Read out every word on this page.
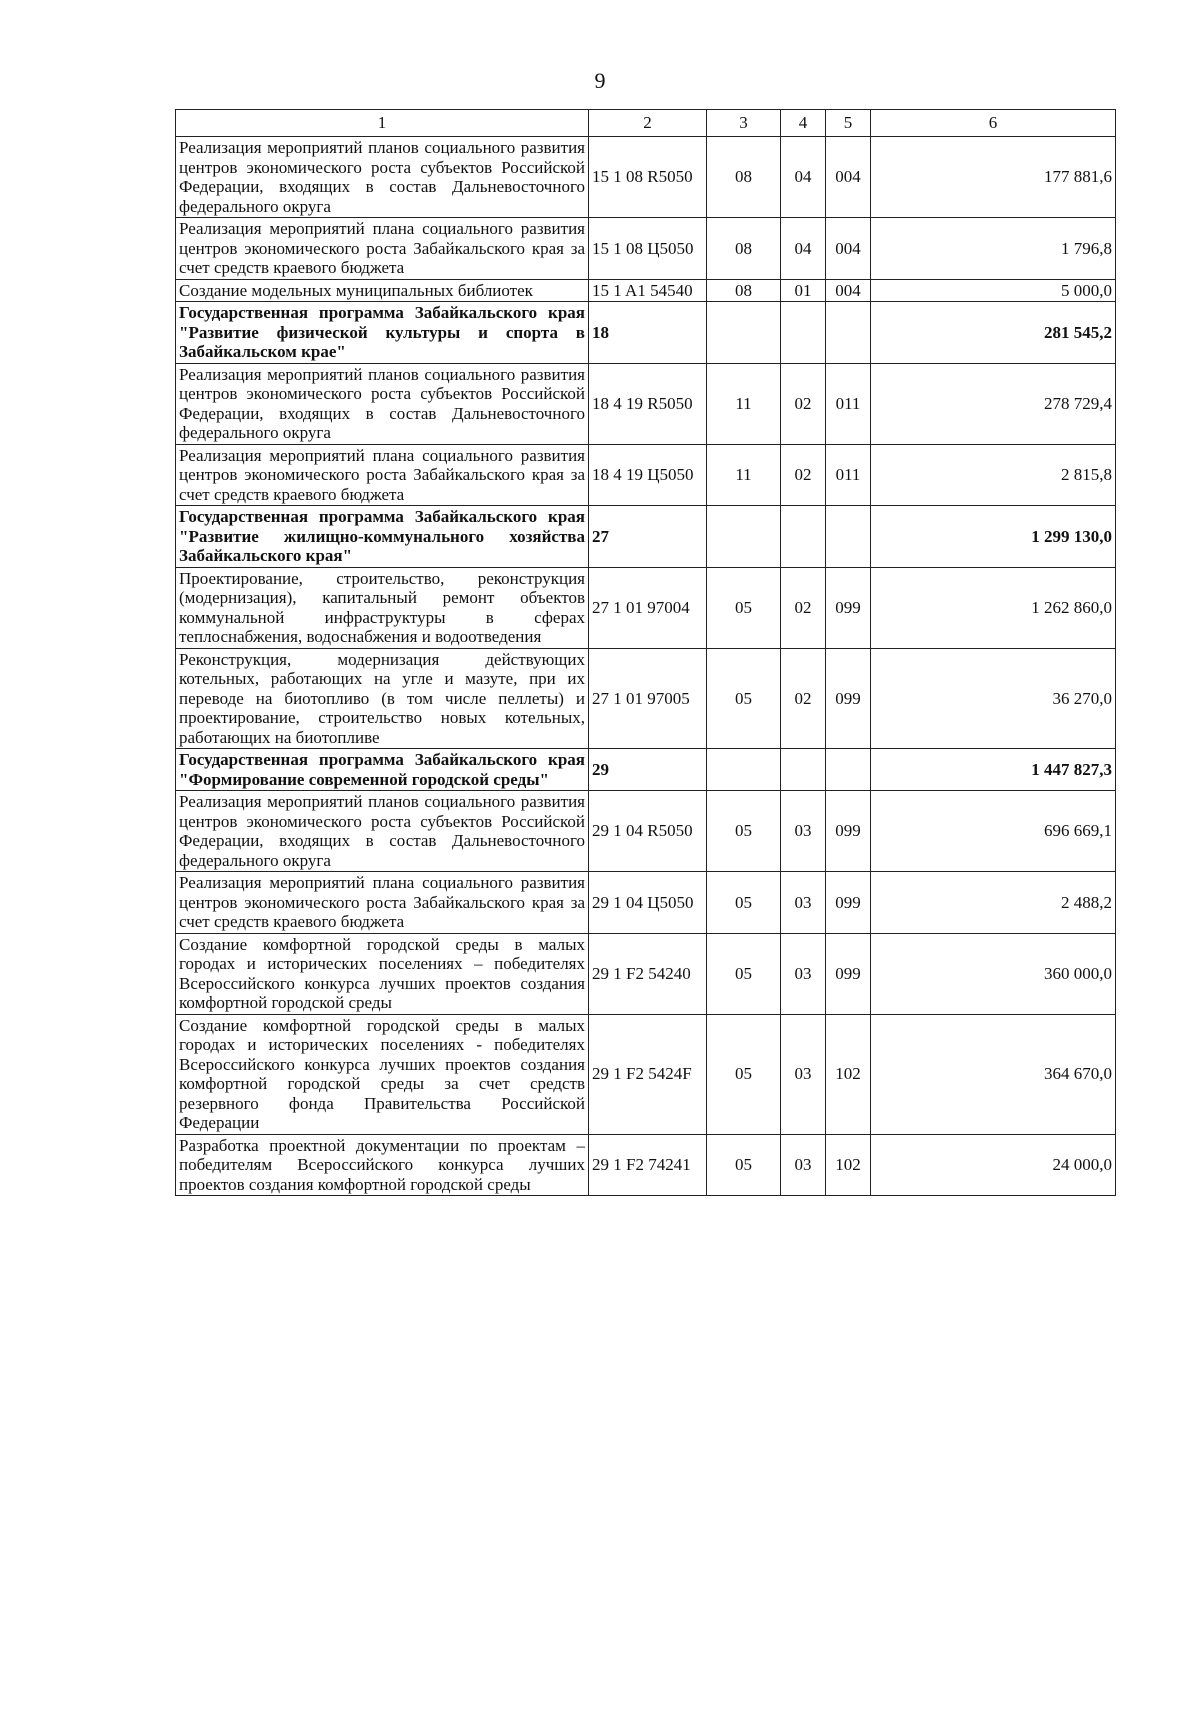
9
1	2	3	4	5	6
Реализация мероприятий планов социального развития центров экономического роста субъектов Российской Федерации, входящих в состав Дальневосточного федерального округа	15 1 08 R5050	08	04	004	177 881,6
Реализация мероприятий плана социального развития центров экономического роста Забайкальского края за счет средств краевого бюджета	15 1 08 Ц5050	08	04	004	1 796,8
Создание модельных муниципальных библиотек	15 1 A1 54540	08	01	004	5 000,0
Государственная программа Забайкальского края "Развитие физической культуры и спорта в Забайкальском крае"	18				281 545,2
Реализация мероприятий планов социального развития центров экономического роста субъектов Российской Федерации, входящих в состав Дальневосточного федерального округа	18 4 19 R5050	11	02	011	278 729,4
Реализация мероприятий плана социального развития центров экономического роста Забайкальского края за счет средств краевого бюджета	18 4 19 Ц5050	11	02	011	2 815,8
Государственная программа Забайкальского края "Развитие жилищно-коммунального хозяйства Забайкальского края"	27				1 299 130,0
Проектирование, строительство, реконструкция (модернизация), капитальный ремонт объектов коммунальной инфраструктуры в сферах теплоснабжения, водоснабжения и водоотведения	27 1 01 97004	05	02	099	1 262 860,0
Реконструкция, модернизация действующих котельных, работающих на угле и мазуте, при их переводе на биотопливо (в том числе пеллеты) и проектирование, строительство новых котельных, работающих на биотопливе	27 1 01 97005	05	02	099	36 270,0
Государственная программа Забайкальского края "Формирование современной городской среды"	29				1 447 827,3
Реализация мероприятий планов социального развития центров экономического роста субъектов Российской Федерации, входящих в состав Дальневосточного федерального округа	29 1 04 R5050	05	03	099	696 669,1
Реализация мероприятий плана социального развития центров экономического роста Забайкальского края за счет средств краевого бюджета	29 1 04 Ц5050	05	03	099	2 488,2
Создание комфортной городской среды в малых городах и исторических поселениях – победителях Всероссийского конкурса лучших проектов создания комфортной городской среды	29 1 F2 54240	05	03	099	360 000,0
Создание комфортной городской среды в малых городах и исторических поселениях - победителях Всероссийского конкурса лучших проектов создания комфортной городской среды за счет средств резервного фонда Правительства Российской Федерации	29 1 F2 5424F	05	03	102	364 670,0
Разработка проектной документации по проектам – победителям Всероссийского конкурса лучших проектов создания комфортной городской среды	29 1 F2 74241	05	03	102	24 000,0
